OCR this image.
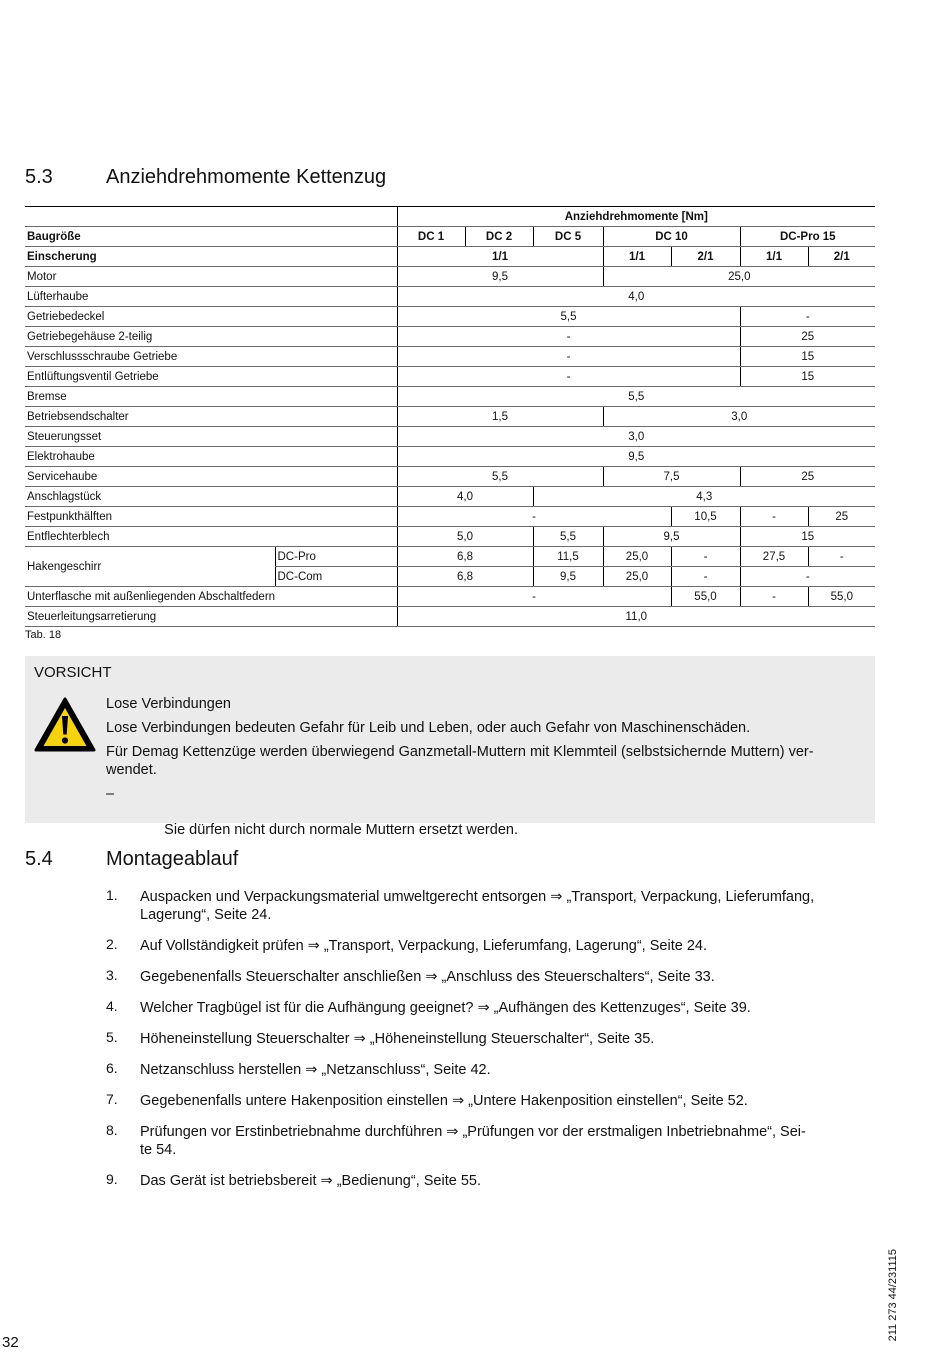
5.3	Anziehdrehmomente Kettenzug
		Anziehdrehmomente [Nm]						
Baugröße		DC 1	DC 2	DC 5	DC 10		DC-Pro 15	
Einscherung		1/1			1/1	2/1	1/1	2/1
Motor		9,5			25,0			
Lüfterhaube		4,0						
Getriebedeckel		5,5					-	
Getriebegehäuse 2-teilig		-					25	
Verschlussschraube Getriebe		-					15	
Entlüftungsventil Getriebe		-					15	
Bremse		5,5						
Betriebsendschalter		1,5			3,0			
Steuerungsset		3,0						
Elektrohaube		9,5						
Servicehaube		5,5			7,5		25	
Anschlagstück		4,0		4,3				
Festpunkthälften		-				10,5	-	25
Entflechterblech		5,0		5,5	9,5		15	
Hakengeschirr	DC-Pro	6,8		11,5	25,0	-	27,5	-
	DC-Com	6,8		9,5	25,0	-	-	
Unterflasche mit außenliegenden Abschaltfedern		-				55,0	-	55,0
Steuerleitungsarretierung		11,0						
Tab. 18
VORSICHT

Lose Verbindungen

Lose Verbindungen bedeuten Gefahr für Leib und Leben, oder auch Gefahr von Maschinenschäden.

Für Demag Kettenzüge werden überwiegend Ganzmetall-Muttern mit Klemmteil (selbstsichernde Muttern) ver-
wendet.

–

Sie dürfen nicht durch normale Muttern ersetzt werden.

5.4	Montageablauf
1. Auspacken und Verpackungsmaterial umweltgerecht entsorgen ⇒ „Transport, Verpackung, Lieferumfang,
Lagerung“, Seite 24.
2. Auf Vollständigkeit prüfen ⇒ „Transport, Verpackung, Lieferumfang, Lagerung“, Seite 24.
3. Gegebenenfalls Steuerschalter anschließen ⇒ „Anschluss des Steuerschalters“, Seite 33.
4. Welcher Tragbügel ist für die Aufhängung geeignet? ⇒ „Aufhängen des Kettenzuges“, Seite 39.
5. Höheneinstellung Steuerschalter ⇒ „Höheneinstellung Steuerschalter“, Seite 35.
6. Netzanschluss herstellen ⇒ „Netzanschluss“, Seite 42.
7. Gegebenenfalls untere Hakenposition einstellen ⇒ „Untere Hakenposition einstellen“, Seite 52.
8. Prüfungen vor Erstinbetriebnahme durchführen ⇒ „Prüfungen vor der erstmaligen Inbetriebnahme“, Sei-
te 54.
9. Das Gerät ist betriebsbereit ⇒ „Bedienung“, Seite 55.
32
211 273 44/231115
